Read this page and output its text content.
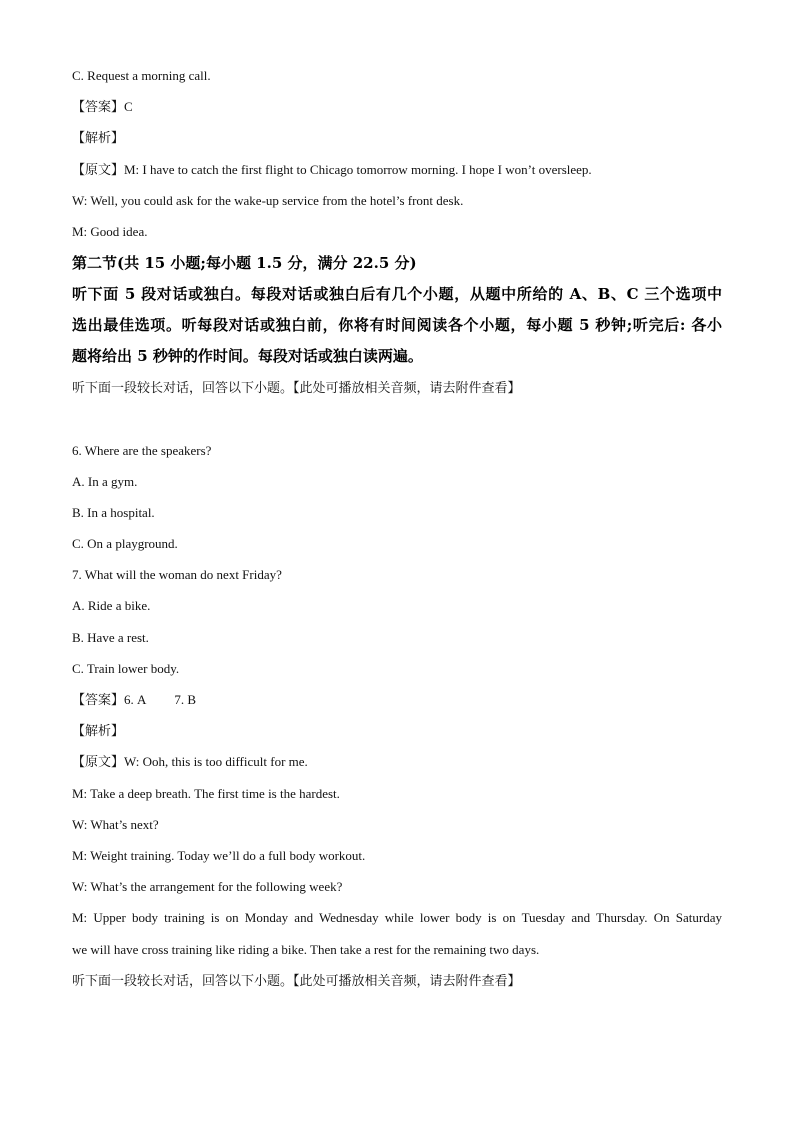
C. Request a morning call.
【答案】C
【解析】
【原文】M: I have to catch the first flight to Chicago tomorrow morning. I hope I won’t oversleep.
W: Well, you could ask for the wake-up service from the hotel’s front desk.
M: Good idea.
第二节(共 15 小题;每小题 1.5 分，满分 22.5 分)
听下面 5 段对话或独白。每段对话或独白后有几个小题，从题中所给的 A、B、C 三个选项中
选出最佳选项。听每段对话或独白前，你将有时间阅读各个小题，每小题 5 秒钟;听完后: 各小
题将给出 5 秒钟的作时间。每段对话或独白读两遍。
听下面一段较长对话，回答以下小题。【此处可播放相关音频，请去附件查看】
6. Where are the speakers?
A. In a gym.
B. In a hospital.
C. On a playground.
7. What will the woman do next Friday?
A. Ride a bike.
B. Have a rest.
C. Train lower body.
【答案】6. A 7. B
【解析】
【原文】W: Ooh, this is too difficult for me.
M: Take a deep breath. The first time is the hardest.
W: What’s next?
M: Weight training. Today we’ll do a full body workout.
W: What’s the arrangement for the following week?
M: Upper body training is on Monday and Wednesday while lower body is on Tuesday and Thursday. On Saturday
we will have cross training like riding a bike. Then take a rest for the remaining two days.
听下面一段较长对话，回答以下小题。【此处可播放相关音频，请去附件查看】
